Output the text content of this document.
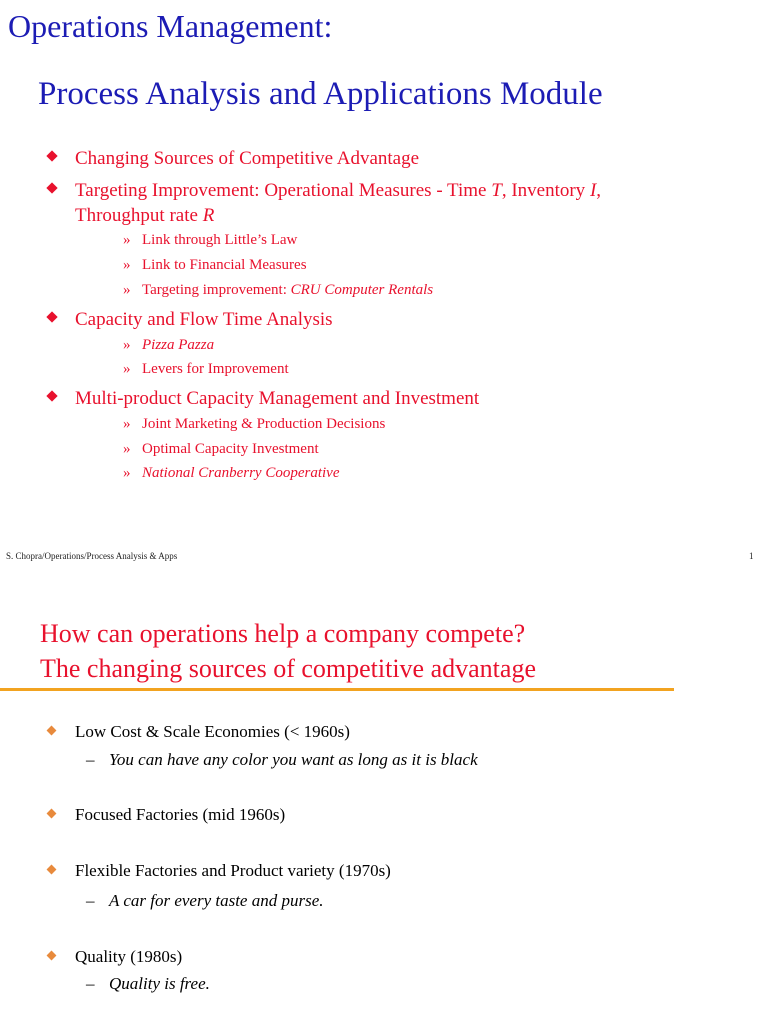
Operations Management:
Process Analysis and Applications Module
Changing Sources of Competitive Advantage
Targeting Improvement: Operational Measures - Time T, Inventory I,
Throughput rate R
» Link through Little’s Law
» Link to Financial Measures
» Targeting improvement: CRU Computer Rentals
Capacity and Flow Time Analysis
» Pizza Pazza
» Levers for Improvement
Multi-product Capacity Management and Investment
» Joint Marketing & Production Decisions
» Optimal Capacity Investment
» National Cranberry Cooperative
S. Chopra/Operations/Process Analysis & Apps	1
How can operations help a company compete?
The changing sources of competitive advantage
Low Cost & Scale Economies (< 1960s)
– You can have any color you want as long as it is black
Focused Factories (mid 1960s)
Flexible Factories and Product variety (1970s)
– A car for every taste and purse.
Quality (1980s)
– Quality is free.
